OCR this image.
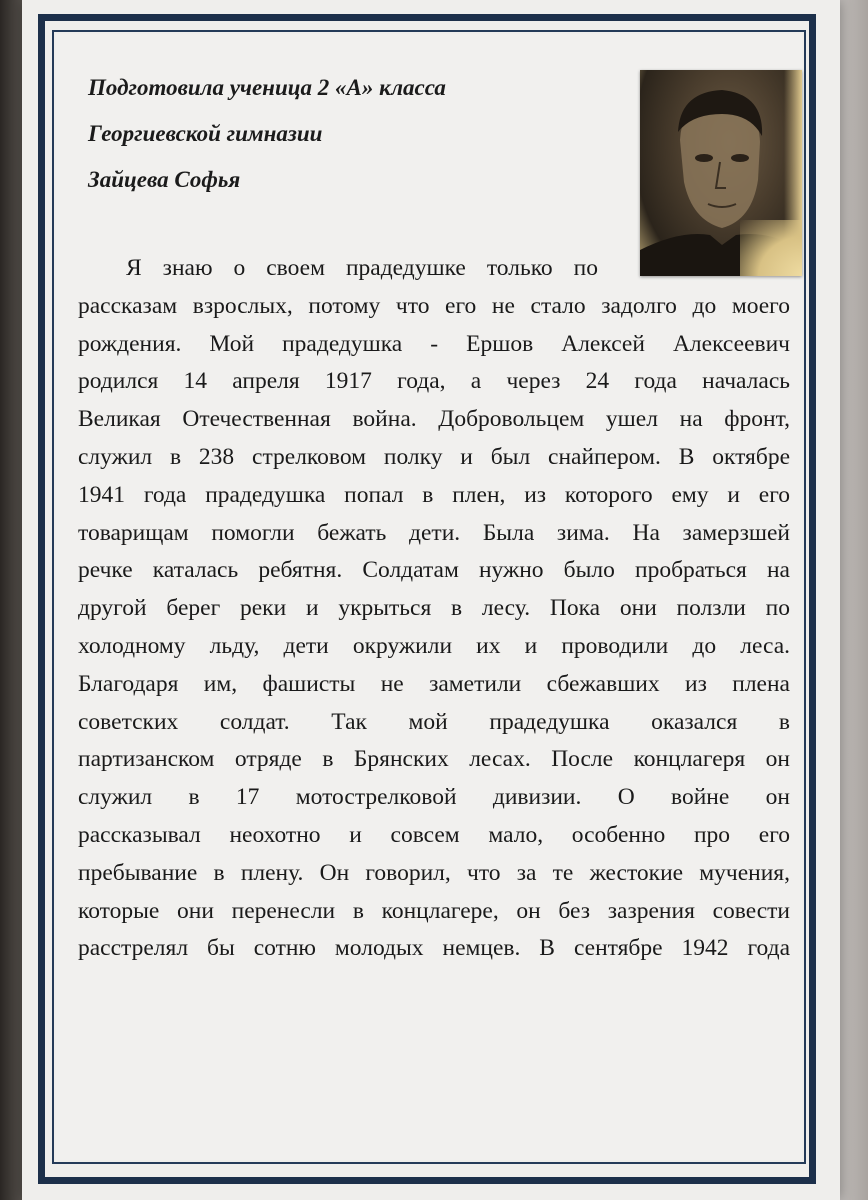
Подготовила ученица 2 «А» класса
Георгиевской гимназии
Зайцева Софья
Я знаю о своем прадедушке только по
рассказам взрослых, потому что его не стало задолго до моего
рождения. Мой прадедушка - Ершов Алексей Алексеевич
родился 14 апреля 1917 года, а через 24 года началась
Великая Отечественная война. Добровольцем ушел на фронт,
служил в 238 стрелковом полку и был снайпером. В октябре
1941 года прадедушка попал в плен, из которого ему и его
товарищам помогли бежать дети. Была зима. На замерзшей
речке каталась ребятня. Солдатам нужно было пробраться на
другой берег реки и укрыться в лесу. Пока они ползли по
холодному льду, дети окружили их и проводили до леса.
Благодаря им, фашисты не заметили сбежавших из плена
советских солдат. Так мой прадедушка оказался в
партизанском отряде в Брянских лесах. После концлагеря он
служил в 17 мотострелковой дивизии. О войне он
рассказывал неохотно и совсем мало, особенно про его
пребывание в плену. Он говорил, что за те жестокие мучения,
которые они перенесли в концлагере, он без зазрения совести
расстрелял бы сотню молодых немцев. В сентябре 1942 года
